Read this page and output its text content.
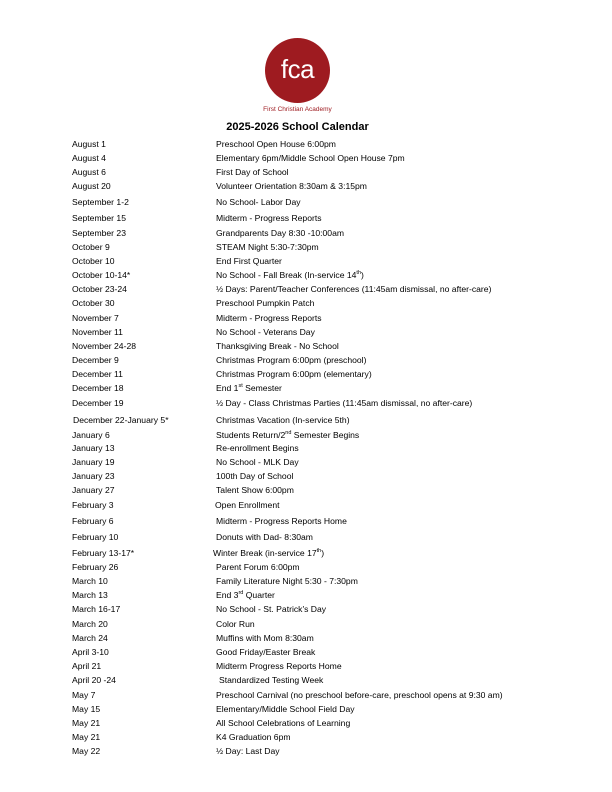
fca
First Christian Academy
2025-2026 School Calendar
August 1	Preschool Open House 6:00pm
August 4	Elementary 6pm/Middle School Open House 7pm
August 6	First Day of School
August 20	Volunteer Orientation 8:30am & 3:15pm
September 1-2	No School- Labor Day
September 15	Midterm - Progress Reports
September 23	Grandparents Day 8:30 -10:00am
October 9	STEAM Night 5:30-7:30pm
October 10	End First Quarter
October 10-14*	No School - Fall Break (In-service 14th)
October 23-24	½ Days: Parent/Teacher Conferences (11:45am dismissal, no after-care)
October 30	Preschool Pumpkin Patch
November 7	Midterm - Progress Reports
November 11	No School - Veterans Day
November 24-28	Thanksgiving Break - No School
December 9	Christmas Program 6:00pm (preschool)
December 11	Christmas Program 6:00pm (elementary)
December 18	End 1st Semester
December 19	½ Day - Class Christmas Parties (11:45am dismissal, no after-care)
December 22-January 5*	Christmas Vacation (In-service 5th)
January 6	Students Return/2nd Semester Begins
January 13	Re-enrollment Begins
January 19	No School - MLK Day
January 23	100th Day of School
January 27	Talent Show 6:00pm
February 3	Open Enrollment
February 6	Midterm - Progress Reports Home
February 10	Donuts with Dad- 8:30am
February 13-17*	Winter Break (in-service 17th)
February 26	Parent Forum 6:00pm
March 10	Family Literature Night 5:30 - 7:30pm
March 13	End 3rd Quarter
March 16-17	No School - St. Patrick's Day
March 20	Color Run
March 24	Muffins with Mom 8:30am
April 3-10	Good Friday/Easter Break
April 21	Midterm Progress Reports Home
April 20 -24	Standardized Testing Week
May 7	Preschool Carnival (no preschool before-care, preschool opens at 9:30 am)
May 15	Elementary/Middle School Field Day
May 21	All School Celebrations of Learning
May 21	K4 Graduation 6pm
May 22	½ Day: Last Day
